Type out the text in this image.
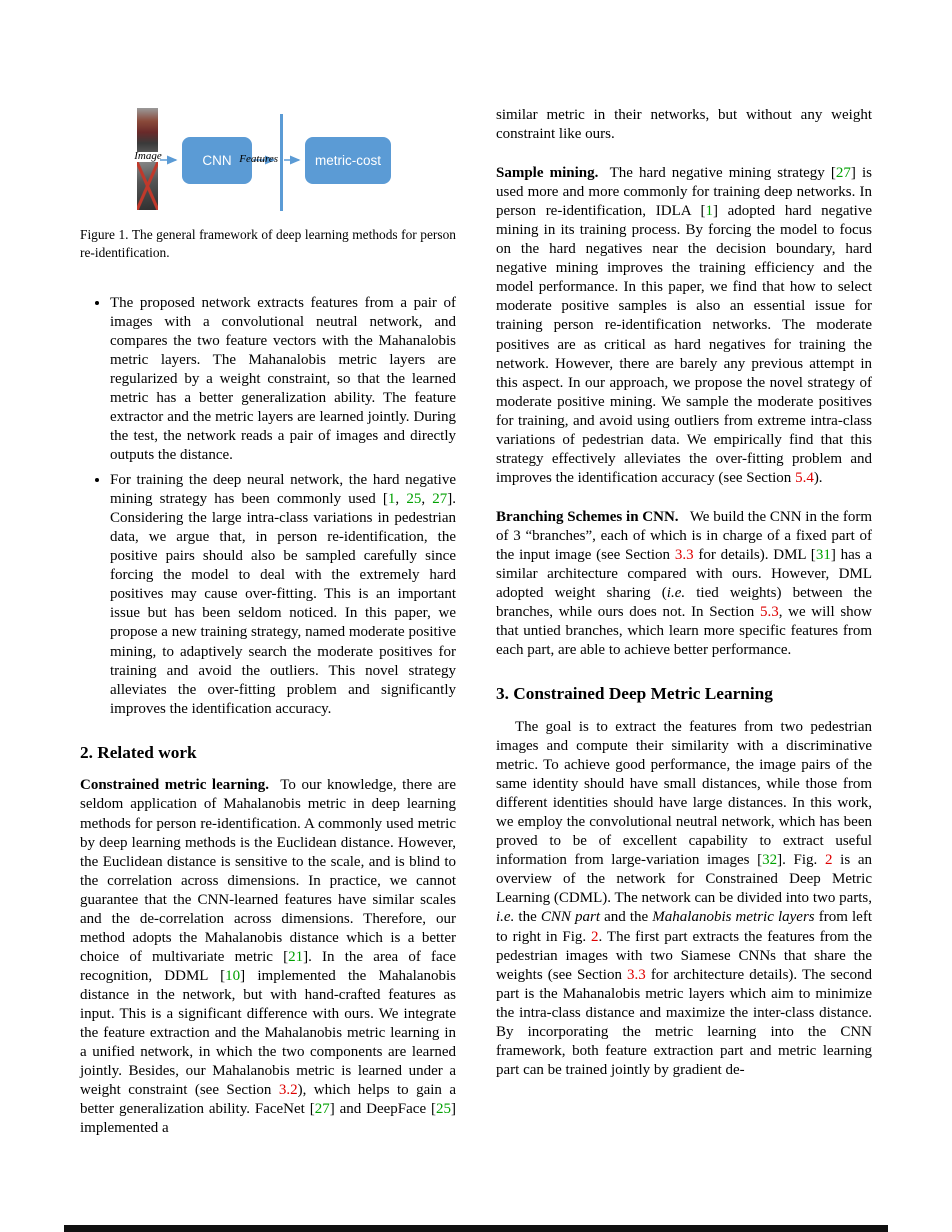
Image	CNN Features	metric-cost
Figure 1. The general framework of deep learning methods for person re-identification.
• The proposed network extracts features from a pair of images with a convolutional neutral network, and compares the two feature vectors with the Mahanalobis metric layers. The Mahanalobis metric layers are regularized by a weight constraint, so that the learned metric has a better generalization ability. The feature extractor and the metric layers are learned jointly. During the test, the network reads a pair of images and directly outputs the distance.
• For training the deep neural network, the hard negative mining strategy has been commonly used [1, 25, 27]. Considering the large intra-class variations in pedestrian data, we argue that, in person re-identification, the positive pairs should also be sampled carefully since forcing the model to deal with the extremely hard positives may cause over-fitting. This is an important issue but has been seldom noticed. In this paper, we propose a new training strategy, named moderate positive mining, to adaptively search the moderate positives for training and avoid the outliers. This novel strategy alleviates the over-fitting problem and significantly improves the identification accuracy.
2. Related work

Constrained metric learning. To our knowledge, there are seldom application of Mahalanobis metric in deep learning methods for person re-identification. A commonly used metric by deep learning methods is the Euclidean distance. However, the Euclidean distance is sensitive to the scale, and is blind to the correlation across dimensions. In practice, we cannot guarantee that the CNN-learned features have similar scales and the de-correlation across dimensions. Therefore, our method adopts the Mahalanobis distance which is a better choice of multivariate metric [21]. In the area of face recognition, DDML [10] implemented the Mahalanobis distance in the network, but with hand-crafted features as input. This is a significant difference with ours. We integrate the feature extraction and the Mahalanobis metric learning in a unified network, in which the two components are learned jointly. Besides, our Mahalanobis metric is learned under a weight constraint (see Section 3.2), which helps to gain a better generalization ability. FaceNet [27] and DeepFace [25] implemented a

similar metric in their networks, but without any weight constraint like ours.

Sample mining. The hard negative mining strategy [27] is used more and more commonly for training deep networks. In person re-identification, IDLA [1] adopted hard negative mining in its training process. By forcing the model to focus on the hard negatives near the decision boundary, hard negative mining improves the training efficiency and the model performance. In this paper, we find that how to select moderate positive samples is also an essential issue for training person re-identification networks. The moderate positives are as critical as hard negatives for training the network. However, there are barely any previous attempt in this aspect. In our approach, we propose the novel strategy of moderate positive mining. We sample the moderate positives for training, and avoid using outliers from extreme intra-class variations of pedestrian data. We empirically find that this strategy effectively alleviates the over-fitting problem and improves the identification accuracy (see Section 5.4).

Branching Schemes in CNN. We build the CNN in the form of 3 “branches”, each of which is in charge of a fixed part of the input image (see Section 3.3 for details). DML [31] has a similar architecture compared with ours. However, DML adopted weight sharing (i.e. tied weights) between the branches, while ours does not. In Section 5.3, we will show that untied branches, which learn more specific features from each part, are able to achieve better performance.

3. Constrained Deep Metric Learning

The goal is to extract the features from two pedestrian images and compute their similarity with a discriminative metric. To achieve good performance, the image pairs of the same identity should have small distances, while those from different identities should have large distances. In this work, we employ the convolutional neutral network, which has been proved to be of excellent capability to extract useful information from large-variation images [32]. Fig. 2 is an overview of the network for Constrained Deep Metric Learning (CDML). The network can be divided into two parts, i.e. the CNN part and the Mahalanobis metric layers from left to right in Fig. 2. The first part extracts the features from the pedestrian images with two Siamese CNNs that share the weights (see Section 3.3 for architecture details). The second part is the Mahanalobis metric layers which aim to minimize the intra-class distance and maximize the inter-class distance. By incorporating the metric learning into the CNN framework, both feature extraction part and metric learning part can be trained jointly by gradient de-
